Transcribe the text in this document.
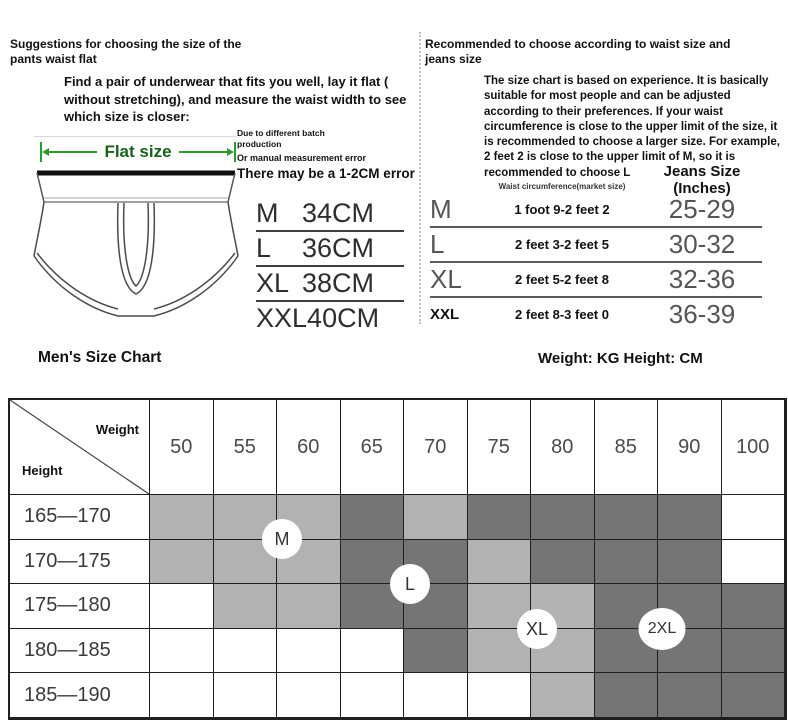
Suggestions for choosing the size of the pants waist flat
Find a pair of underwear that fits you well, lay it flat ( without stretching), and measure the waist width to see which size is closer:
Flat size
Due to different batch production
Or manual measurement error
There may be a 1-2CM error
M 34CM
L	36CM
XL 38CM
XXL 40CM
Recommended to choose according to waist size and jeans size
The size chart is based on experience. It is basically suitable for most people and can be adjusted according to their preferences. If your waist circumference is close to the upper limit of the size, it is recommended to choose a larger size. For example, 2 feet 2 is close to the upper limit of M, so it is recommended to choose L
Waist circumference(market size)
Jeans Size (Inches)
M	1 foot 9-2 feet 2	25-29
L	2 feet 3-2 feet 5	30-32
XL	2 feet 5-2 feet 8	32-36
XXL	2 feet 8-3 feet 0	36-39
Men's Size Chart	Weight: KG Height: CM
Weight
Height
50	55	60	65	70	75	80	85	90	100
165—170
170—175
175—180
180—185
185—190
M
L
XL	2XL
